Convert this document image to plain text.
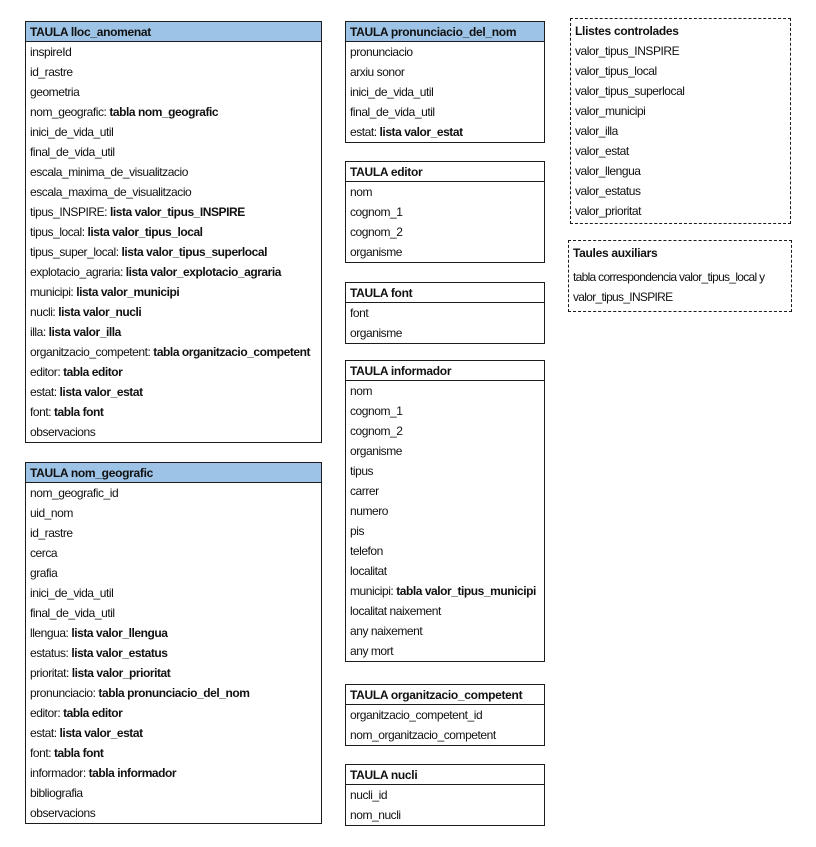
TAULA lloc_anomenat
inspireId
id_rastre
geometria
nom_geografic: tabla nom_geografic
inici_de_vida_util
final_de_vida_util
escala_minima_de_visualitzacio
escala_maxima_de_visualitzacio
tipus_INSPIRE: lista valor_tipus_INSPIRE
tipus_local: lista valor_tipus_local
tipus_super_local: lista valor_tipus_superlocal
explotacio_agraria: lista valor_explotacio_agraria
municipi: lista valor_municipi
nucli: lista valor_nucli
illa: lista valor_illa
organitzacio_competent: tabla organitzacio_competent
editor: tabla editor
estat: lista valor_estat
font: tabla font
observacions
TAULA nom_geografic
nom_geografic_id
uid_nom
id_rastre
cerca
grafia
inici_de_vida_util
final_de_vida_util
llengua: lista valor_llengua
estatus: lista valor_estatus
prioritat: lista valor_prioritat
pronunciacio: tabla pronunciacio_del_nom
editor: tabla editor
estat: lista valor_estat
font: tabla font
informador: tabla informador
bibliografia
observacions
TAULA pronunciacio_del_nom
pronunciacio
arxiu sonor
inici_de_vida_util
final_de_vida_util
estat: lista valor_estat
TAULA editor
nom
cognom_1
cognom_2
organisme
TAULA font
font
organisme
TAULA informador
nom
cognom_1
cognom_2
organisme
tipus
carrer
numero
pis
telefon
localitat
municipi: tabla valor_tipus_municipi
localitat naixement
any naixement
any mort
TAULA organitzacio_competent
organitzacio_competent_id
nom_organitzacio_competent
TAULA nucli
nucli_id
nom_nucli
Llistes controlades
valor_tipus_INSPIRE
valor_tipus_local
valor_tipus_superlocal
valor_municipi
valor_illa
valor_estat
valor_llengua
valor_estatus
valor_prioritat
Taules auxiliars
tabla correspondencia valor_tipus_local y valor_tipus_INSPIRE
